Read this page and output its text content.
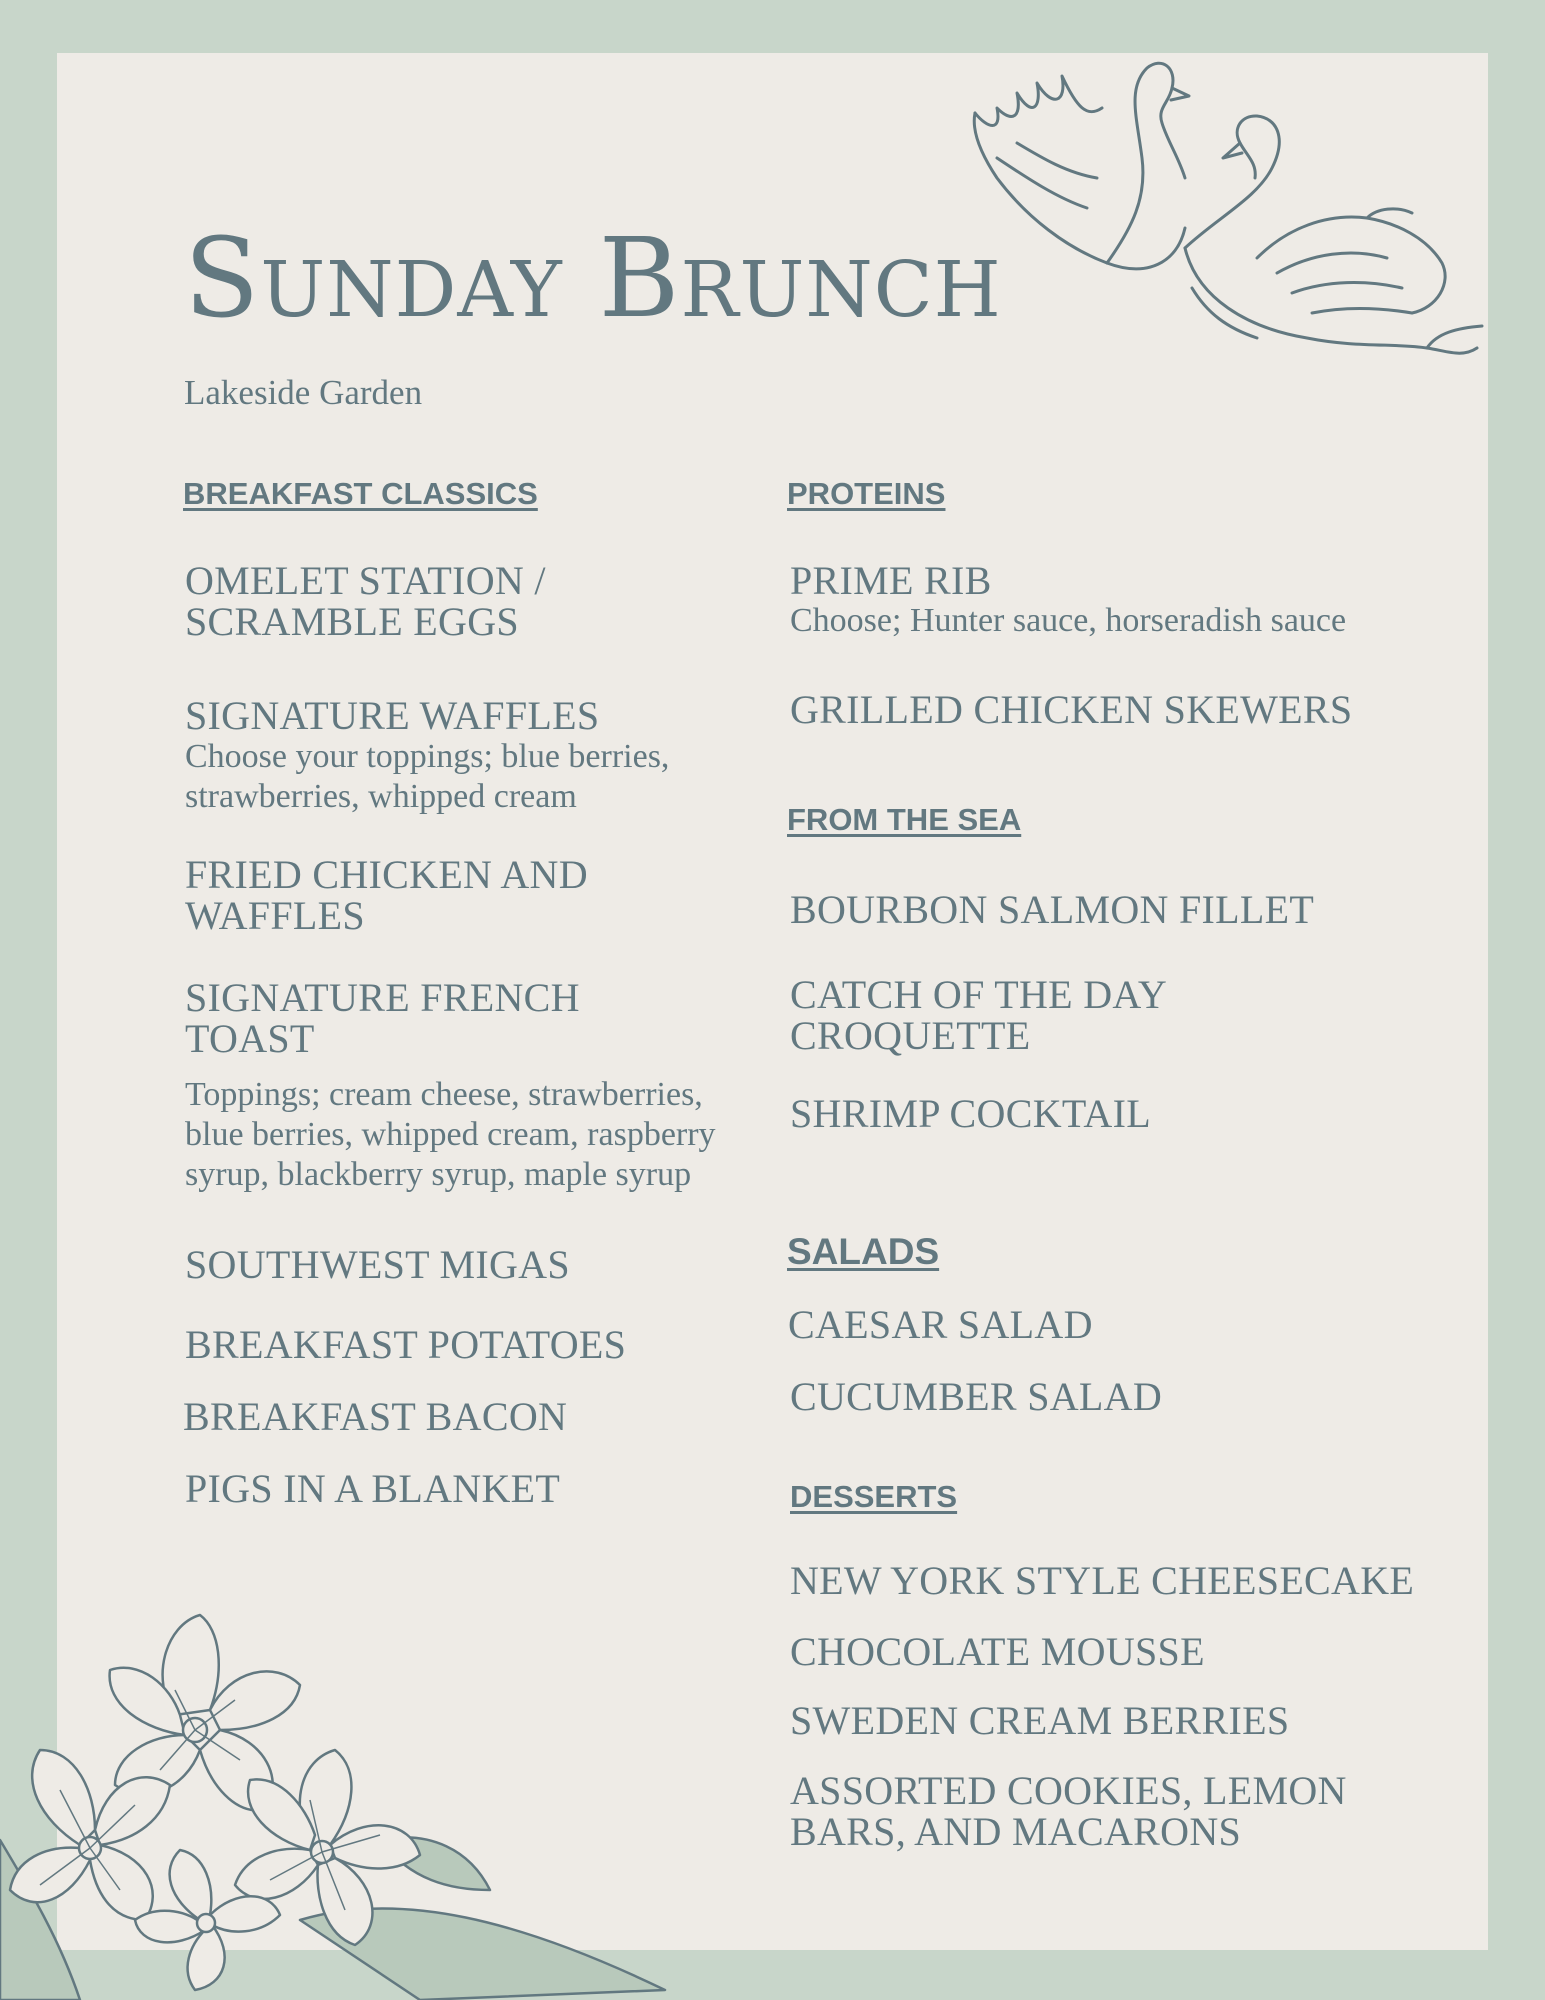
Sunday Brunch
Lakeside Garden
BREAKFAST CLASSICS
OMELET STATION / SCRAMBLE EGGS
SIGNATURE WAFFLES
Choose your toppings; blue berries, strawberries, whipped cream
FRIED CHICKEN AND WAFFLES
SIGNATURE FRENCH TOAST
Toppings; cream cheese, strawberries, blue berries, whipped cream, raspberry syrup, blackberry syrup, maple syrup
SOUTHWEST MIGAS
BREAKFAST POTATOES
BREAKFAST BACON
PIGS IN A BLANKET
PROTEINS
PRIME RIB
Choose; Hunter sauce, horseradish sauce
GRILLED CHICKEN SKEWERS
FROM THE SEA
BOURBON SALMON FILLET
CATCH OF THE DAY CROQUETTE
SHRIMP COCKTAIL
SALADS
CAESAR SALAD
CUCUMBER SALAD
DESSERTS
NEW YORK STYLE CHEESECAKE
CHOCOLATE MOUSSE
SWEDEN CREAM BERRIES
ASSORTED COOKIES, LEMON BARS, AND MACARONS
